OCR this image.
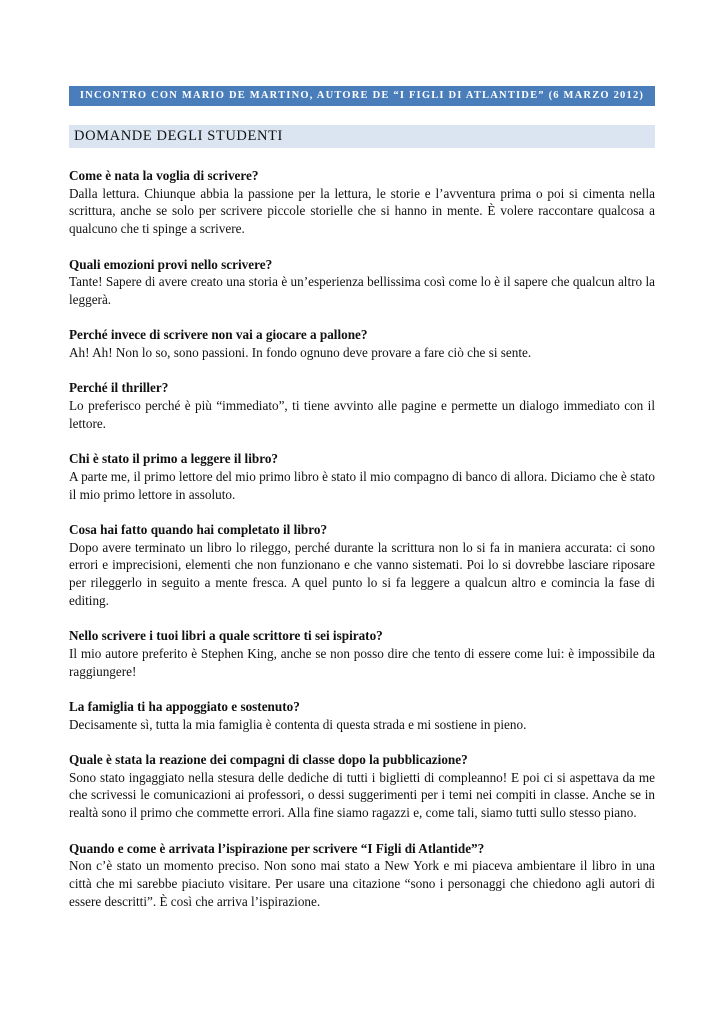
INCONTRO CON MARIO DE MARTINO, AUTORE DE “I FIGLI DI ATLANTIDE” (6 MARZO 2012)
DOMANDE DEGLI STUDENTI
Come è nata la voglia di scrivere?
Dalla lettura. Chiunque abbia la passione per la lettura, le storie e l’avventura prima o poi si cimenta nella scrittura, anche se solo per scrivere piccole storielle che si hanno in mente. È volere raccontare qualcosa a qualcuno che ti spinge a scrivere.
Quali emozioni provi nello scrivere?
Tante! Sapere di avere creato una storia è un’esperienza bellissima così come lo è il sapere che qualcun altro la leggerà.
Perché invece di scrivere non vai a giocare a pallone?
Ah! Ah! Non lo so, sono passioni. In fondo ognuno deve provare a fare ciò che si sente.
Perché il thriller?
Lo preferisco perché è più “immediato”, ti tiene avvinto alle pagine e permette un dialogo immediato con il lettore.
Chi è stato il primo a leggere il libro?
A parte me, il primo lettore del mio primo libro è stato il mio compagno di banco di allora. Diciamo che è stato il mio primo lettore in assoluto.
Cosa hai fatto quando hai completato il libro?
Dopo avere terminato un libro lo rileggo, perché durante la scrittura non lo si fa in maniera accurata: ci sono errori e imprecisioni, elementi che non funzionano e che vanno sistemati. Poi lo si dovrebbe lasciare riposare per rileggerlo in seguito a mente fresca. A quel punto lo si fa leggere a qualcun altro e comincia la fase di editing.
Nello scrivere i tuoi libri a quale scrittore ti sei ispirato?
Il mio autore preferito è Stephen King, anche se non posso dire che tento di essere come lui: è impossibile da raggiungere!
La famiglia ti ha appoggiato e sostenuto?
Decisamente sì, tutta la mia famiglia è contenta di questa strada e mi sostiene in pieno.
Quale è stata la reazione dei compagni di classe dopo la pubblicazione?
Sono stato ingaggiato nella stesura delle dediche di tutti i biglietti di compleanno! E poi ci si aspettava da me che scrivessi le comunicazioni ai professori, o dessi suggerimenti per i temi nei compiti in classe. Anche se in realtà sono il primo che commette errori. Alla fine siamo ragazzi e, come tali, siamo tutti sullo stesso piano.
Quando e come è arrivata l’ispirazione per scrivere “I Figli di Atlantide”?
Non c’è stato un momento preciso. Non sono mai stato a New York e mi piaceva ambientare il libro in una città che mi sarebbe piaciuto visitare. Per usare una citazione “sono i personaggi che chiedono agli autori di essere descritti”. È così che arriva l’ispirazione.
